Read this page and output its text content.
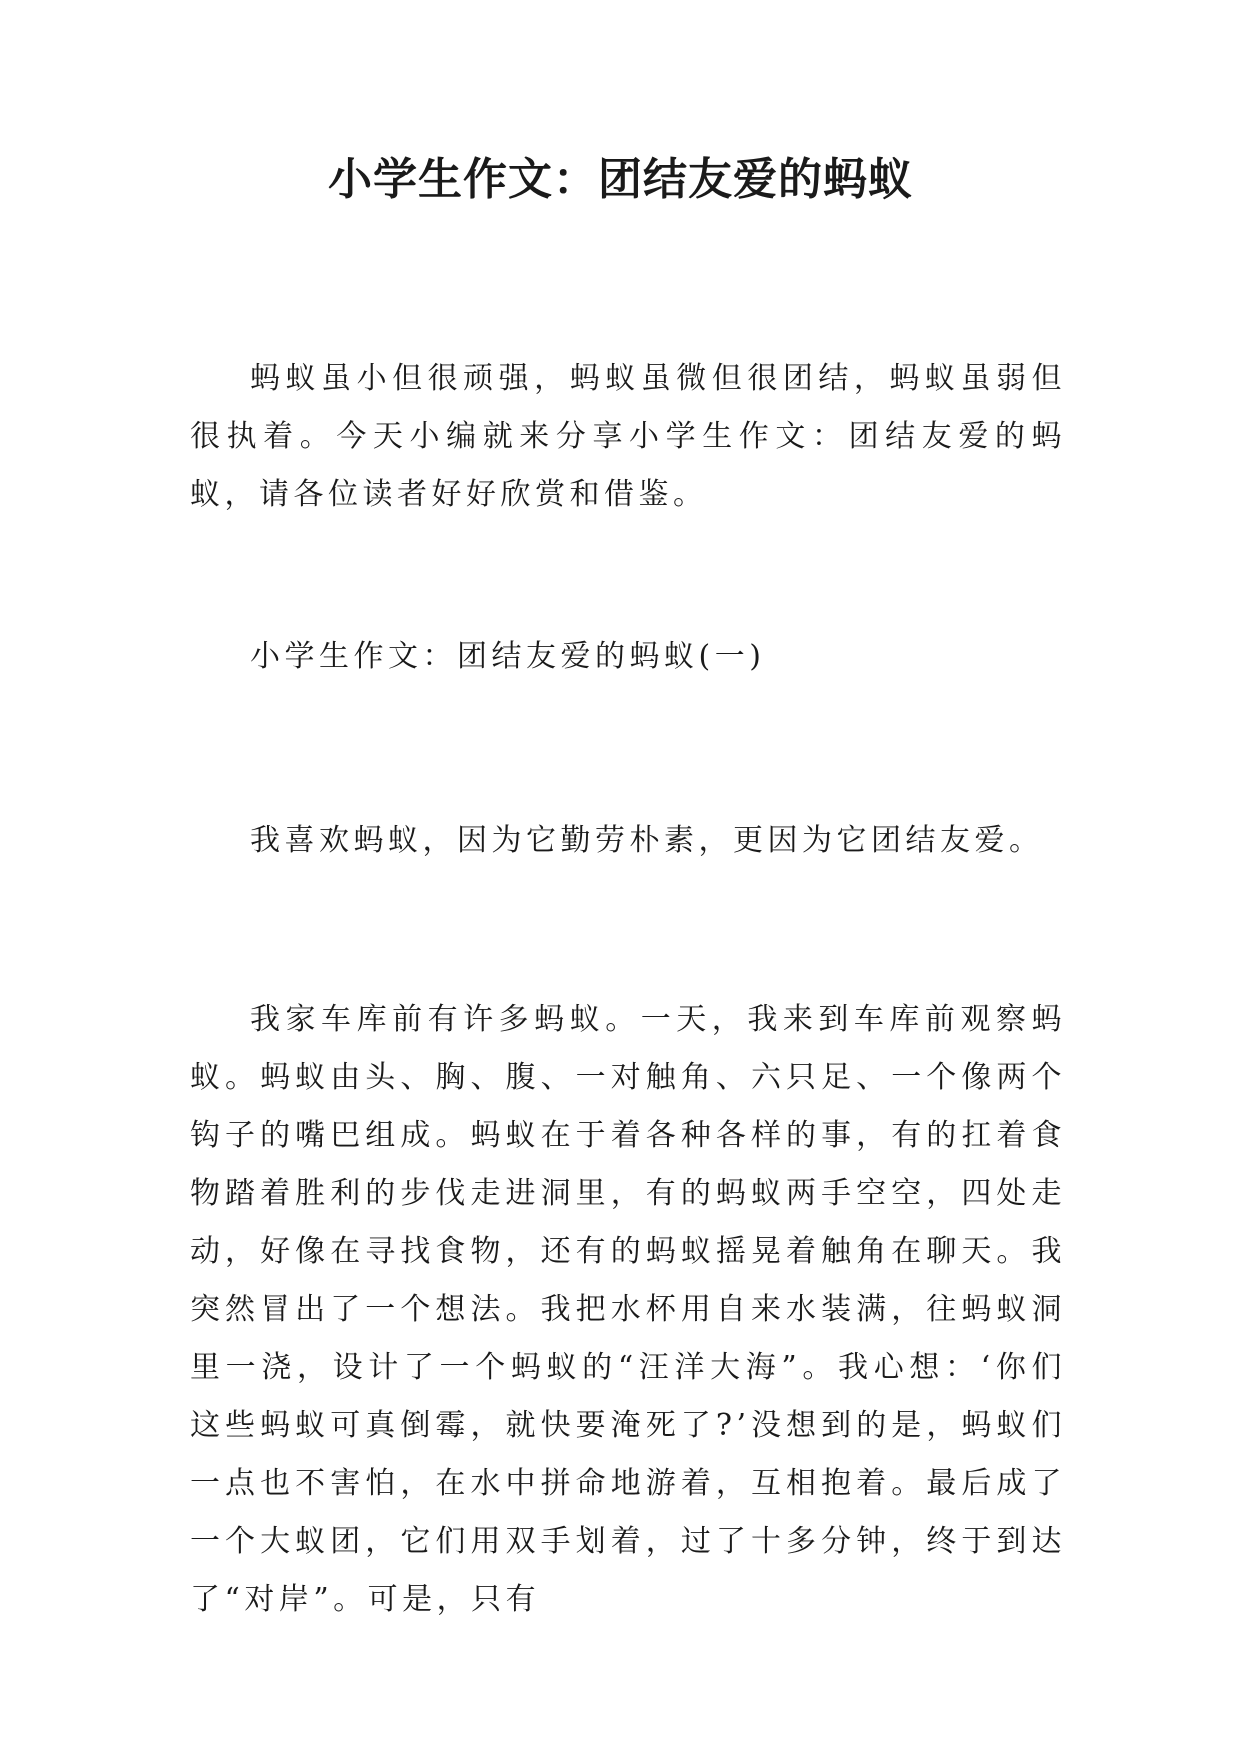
小学生作文：团结友爱的蚂蚁

蚂蚁虽小但很顽强，蚂蚁虽微但很团结，蚂蚁虽弱但很执着。今天小编就来分享小学生作文：团结友爱的蚂蚁，请各位读者好好欣赏和借鉴。

小学生作文：团结友爱的蚂蚁(一)

我喜欢蚂蚁，因为它勤劳朴素，更因为它团结友爱。

我家车库前有许多蚂蚁。一天，我来到车库前观察蚂蚁。蚂蚁由头、胸、腹、一对触角、六只足、一个像两个钩子的嘴巴组成。蚂蚁在于着各种各样的事，有的扛着食物踏着胜利的步伐走进洞里，有的蚂蚁两手空空，四处走动，好像在寻找食物，还有的蚂蚁摇晃着触角在聊天。我突然冒出了一个想法。我把水杯用自来水装满，往蚂蚁洞里一浇，设计了一个蚂蚁的“汪洋大海”。我心想：‘你们这些蚂蚁可真倒霉，就快要淹死了?’没想到的是，蚂蚁们一点也不害怕，在水中拼命地游着，互相抱着。最后成了一个大蚁团，它们用双手划着，过了十多分钟，终于到达了“对岸”。可是，只有
